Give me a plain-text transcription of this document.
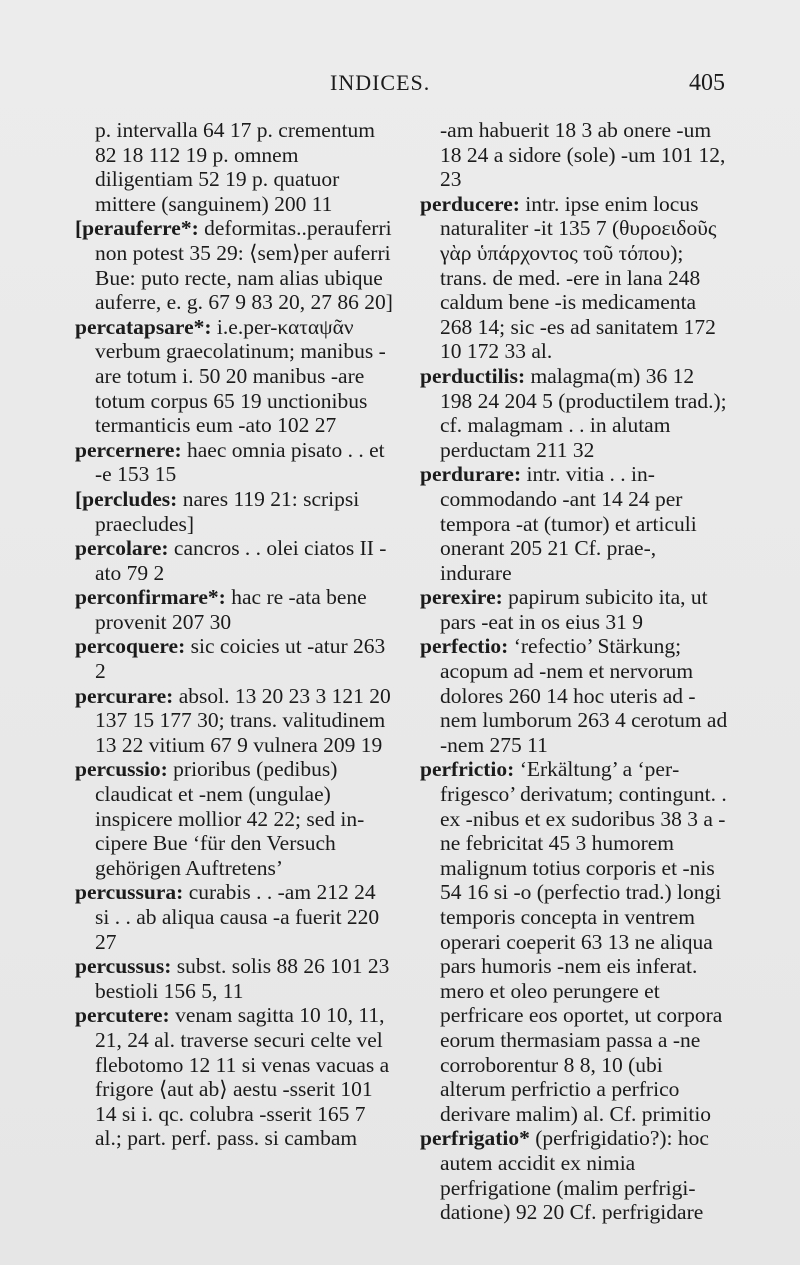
INDICES.	405

p. intervalla 64 17 p. crementum 82 18 112 19 p. omnem diligentiam 52 19 p. quatuor mittere (sanguinem) 200 11

[perauferre*: deformitas..perauferri non potest 35 29: ⟨sem⟩per auferri Bue: puto recte, nam alias ubique auferre, e. g. 67 9 83 20, 27 86 20]

percatapsare*: i.e.per-καταψᾶν verbum graecolatinum; manibus -are totum i. 50 20 manibus -are totum corpus 65 19 unctionibus termanticis eum -ato 102 27

percernere: haec omnia pisato . . et -e 153 15

[percludes: nares 119 21: scripsi praecludes]

percolare: cancros . . olei ciatos II -ato 79 2

perconfirmare*: hac re -ata bene provenit 207 30

percoquere: sic coicies ut -atur 263 2

percurare: absol. 13 20 23 3 121 20 137 15 177 30; trans. valitudinem 13 22 vitium 67 9 vulnera 209 19

percussio: prioribus (pedibus) claudicat et -nem (ungulae) inspicere mollior 42 22; sed incipere Bue ‘für den Versuch gehörigen Auftretens’

percussura: curabis . . -am 212 24 si . . ab aliqua causa -a fuerit 220 27

percussus: subst. solis 88 26 101 23 bestioli 156 5, 11

percutere: venam sagitta 10 10, 11, 21, 24 al. traverse securi celte vel flebotomo 12 11 si venas vacuas a frigore ⟨aut ab⟩ aestu -sserit 101 14 si i. qc. colubra -sserit 165 7 al.; part. perf. pass. si cambam

-am habuerit 18 3 ab onere -um 18 24 a sidore (sole) -um 101 12, 23

perducere: intr. ipse enim locus naturaliter -it 135 7 (θυροειδοῦς γὰρ ὑπάρχοντος τοῦ τόπου); trans. de med. -ere in lana 248 caldum bene -is medicamenta 268 14; sic -es ad sanitatem 172 10 172 33 al.

perductilis: malagma(m) 36 12 198 24 204 5 (productilem trad.); cf. malagmam . . in alutam perductam 211 32

perdurare: intr. vitia . . incommodando -ant 14 24 per tempora -at (tumor) et articuli onerant 205 21 Cf. prae-, indurare

perexire: papirum subicito ita, ut pars -eat in os eius 31 9

perfectio: ‘refectio’ Stärkung; acopum ad -nem et nervorum dolores 260 14 hoc uteris ad -nem lumborum 263 4 cerotum ad -nem 275 11

perfrictio: ‘Erkältung’ a ‘perfrigesco’ derivatum; contingunt. . ex -nibus et ex sudoribus 38 3 a -ne febricitat 45 3 humorem malignum totius corporis et -nis 54 16 si -o (perfectio trad.) longi temporis concepta in ventrem operari coeperit 63 13 ne aliqua pars humoris -nem eis inferat. mero et oleo perungere et perfricare eos oportet, ut corpora eorum thermasiam passa a -ne corroborentur 8 8, 10 (ubi alterum perfrictio a perfrico derivare malim) al. Cf. primitio

perfrigatio* (perfrigidatio?): hoc autem accidit ex nimia perfrigatione (malim perfrigidatione) 92 20 Cf. perfrigidare
